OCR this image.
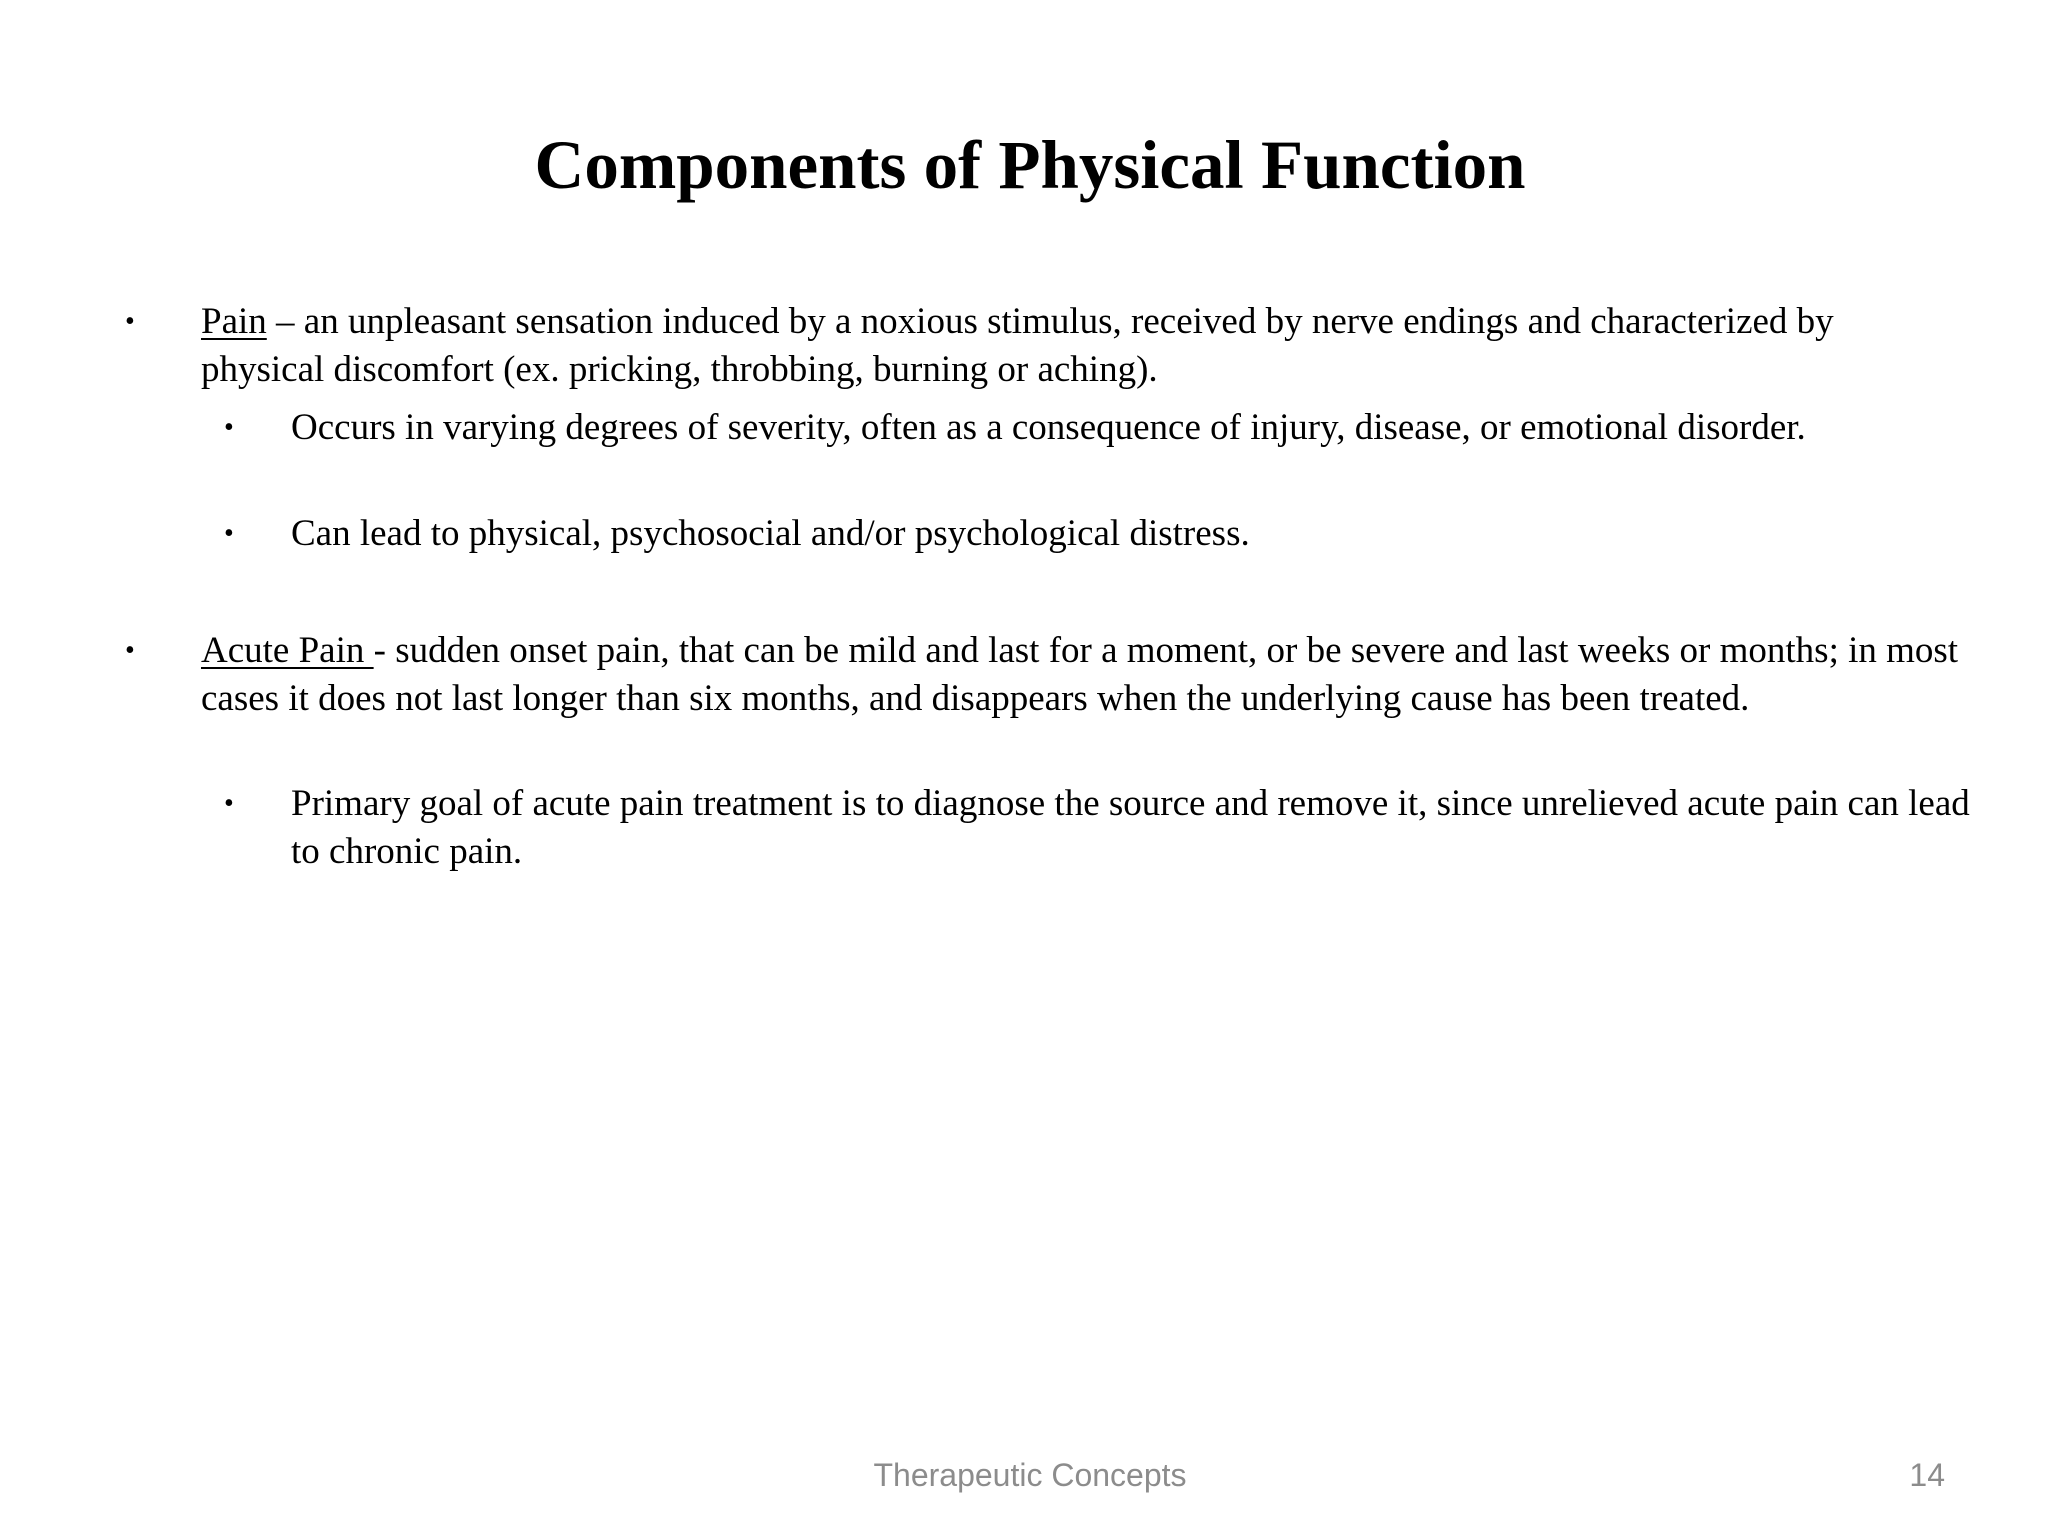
Components of Physical Function
• Pain – an unpleasant sensation induced by a noxious stimulus, received by nerve endings and characterized by physical discomfort (ex. pricking, throbbing, burning or aching).
• Occurs in varying degrees of severity, often as a consequence of injury, disease, or emotional disorder.
• Can lead to physical, psychosocial and/or psychological distress.
• Acute Pain - sudden onset pain, that can be mild and last for a moment, or be severe and last weeks or months; in most cases it does not last longer than six months, and disappears when the underlying cause has been treated.
• Primary goal of acute pain treatment is to diagnose the source and remove it, since unrelieved acute pain can lead to chronic pain.
Therapeutic Concepts	14
